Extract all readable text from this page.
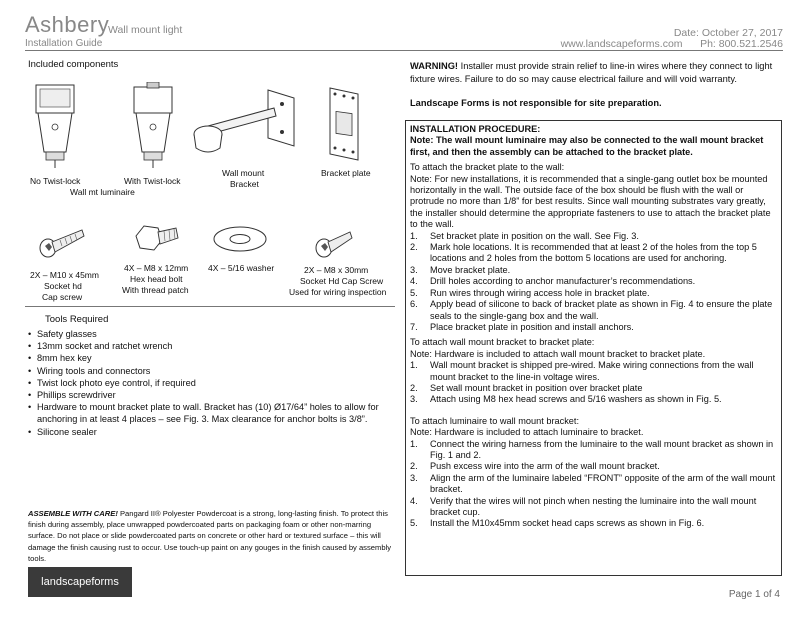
Ashbery
Wall mount light
Installation Guide
Date: October 27, 2017
www.landscapeforms.com Ph: 800.521.2546
Included components
No Twist-lock	With Twist-lock
Wall mt luminaire
Wall mount
Bracket
Bracket plate
2X – M10 x 45mm
Socket hd
Cap screw
4X – M8 x 12mm
Hex head bolt
With thread patch
4X – 5/16 washer	2X – M8 x 30mm
Socket Hd Cap Screw
Used for wiring inspection
Tools Required
• Safety glasses
• 13mm socket and ratchet wrench
• 8mm hex key
• Wiring tools and connectors
• Twist lock photo eye control, if required
• Phillips screwdriver
• Hardware to mount bracket plate to wall. Bracket has (10) Ø17/64” holes to allow for anchoring in at least 4 places – see Fig. 3. Max clearance for anchor bolts is 3/8”.
• Silicone sealer
ASSEMBLE WITH CARE! Pangard II® Polyester Powdercoat is a strong, long-lasting finish. To protect this finish during assembly, place unwrapped powdercoated parts on packaging foam or other non-marring surface. Do not place or slide powdercoated parts on concrete or other hard or textured surface – this will damage the finish causing rust to occur. Use touch-up paint on any gouges in the finish caused by assembly tools.
landscapeforms
WARNING! Installer must provide strain relief to line-in wires where they connect to light fixture wires. Failure to do so may cause electrical failure and will void warranty.
Landscape Forms is not responsible for site preparation.

INSTALLATION PROCEDURE:

Note: The wall mount luminaire may also be connected to the wall mount bracket first, and then the assembly can be attached to the bracket plate.

To attach the bracket plate to the wall:

Note: For new installations, it is recommended that a single-gang outlet box be mounted horizontally in the wall. The outside face of the box should be flush with the wall or protrude no more than 1/8” for best results. Since wall mounting substrates vary greatly, the installer should determine the appropriate fasteners to use to attach the bracket plate to the wall.

1. Set bracket plate in position on the wall. See Fig. 3.
2. Mark hole locations. It is recommended that at least 2 of the holes from the top 5 locations and 2 holes from the bottom 5 locations are used for anchoring.
3. Move bracket plate.
4. Drill holes according to anchor manufacturer’s recommendations.
5. Run wires through wiring access hole in bracket plate.
6. Apply bead of silicone to back of bracket plate as shown in Fig. 4 to ensure the plate seals to the single-gang box and the wall.
7. Place bracket plate in position and install anchors.

To attach wall mount bracket to bracket plate:

Note: Hardware is included to attach wall mount bracket to bracket plate.

1. Wall mount bracket is shipped pre-wired. Make wiring connections from the wall mount bracket to the line-in voltage wires.
2. Set wall mount bracket in position over bracket plate
3. Attach using M8 hex head screws and 5/16 washers as shown in Fig. 5.

To attach luminaire to wall mount bracket:

Note: Hardware is included to attach luminaire to bracket.

1. Connect the wiring harness from the luminaire to the wall mount bracket as shown in Fig. 1 and 2.
2. Push excess wire into the arm of the wall mount bracket.
3. Align the arm of the luminaire labeled “FRONT” opposite of the arm of the wall mount bracket.
4. Verify that the wires will not pinch when nesting the luminaire into the wall mount bracket cup.
5. Install the M10x45mm socket head caps screws as shown in Fig. 6.
Page 1 of 4
